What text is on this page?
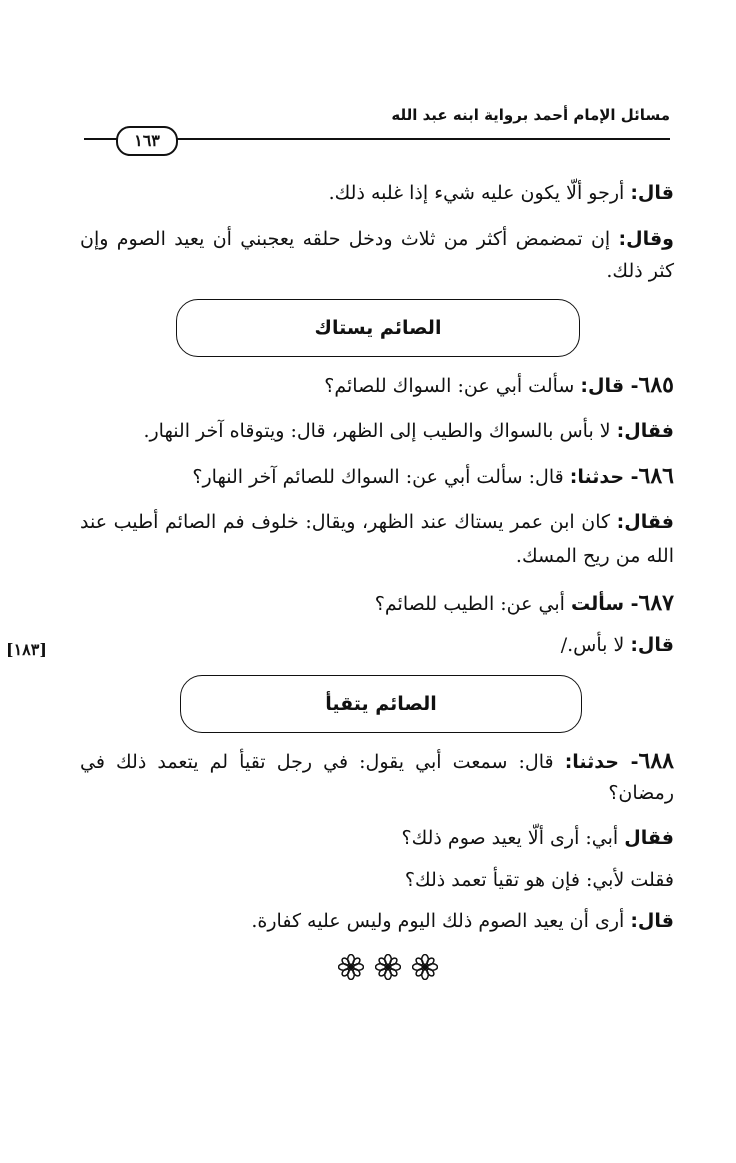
مسائل الإمام أحمد برواية ابنه عبد الله
١٦٣
قال: أرجو ألّا يكون عليه شيء إذا غلبه ذلك.
وقال: إن تمضمض أكثر من ثلاث ودخل حلقه يعجبني أن يعيد الصوم وإن
كثر ذلك.
الصائم يستاك
٦٨٥- قال: سألت أبي عن: السواك للصائم؟
فقال: لا بأس بالسواك والطيب إلى الظهر، قال: ويتوقاه آخر النهار.
٦٨٦- حدثنا: قال: سألت أبي عن: السواك للصائم آخر النهار؟
فقال: كان ابن عمر يستاك عند الظهر، ويقال: خلوف فم الصائم أطيب عند
الله من ريح المسك.
٦٨٧- سألت أبي عن: الطيب للصائم؟
[١٨٣]	قال: لا بأس./
الصائم يتقيأ
٦٨٨- حدثنا: قال: سمعت أبي يقول: في رجل تقيأ لم يتعمد ذلك في
رمضان؟
فقال أبي: أرى ألّا يعيد صوم ذلك؟
فقلت لأبي: فإن هو تقيأ تعمد ذلك؟
قال: أرى أن يعيد الصوم ذلك اليوم وليس عليه كفارة.
